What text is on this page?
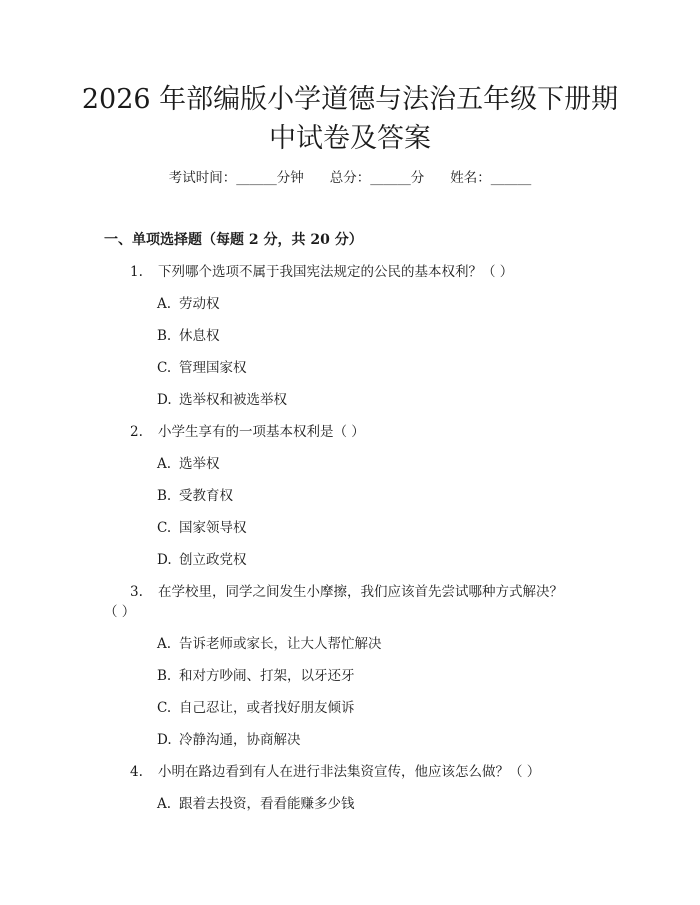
2026 年部编版小学道德与法治五年级下册期
中试卷及答案
考试时间：______分钟 总分：______分 姓名：______
一、单项选择题（每题 2 分，共 20 分）
1. 下列哪个选项不属于我国宪法规定的公民的基本权利？（ ）
A. 劳动权
B. 休息权
C. 管理国家权
D. 选举权和被选举权
2. 小学生享有的一项基本权利是（ ）
A. 选举权
B. 受教育权
C. 国家领导权
D. 创立政党权
3. 在学校里，同学之间发生小摩擦，我们应该首先尝试哪种方式解决？
（ ）
A. 告诉老师或家长，让大人帮忙解决
B. 和对方吵闹、打架，以牙还牙
C. 自己忍让，或者找好朋友倾诉
D. 冷静沟通，协商解决
4. 小明在路边看到有人在进行非法集资宣传，他应该怎么做？（ ）
A. 跟着去投资，看看能赚多少钱
